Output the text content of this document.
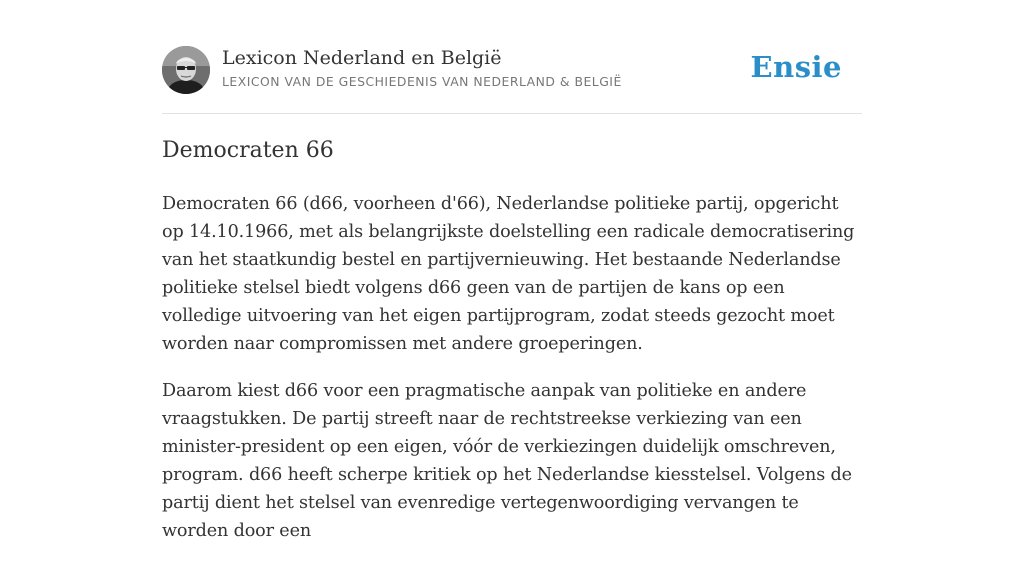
Lexicon Nederland en België
LEXICON VAN DE GESCHIEDENIS VAN NEDERLAND & BELGIË	Ensie
Democraten 66

Democraten 66 (d66, voorheen d'66), Nederlandse politieke partij, opgericht op 14.10.1966, met als belangrijkste doelstelling een radicale democratisering van het staatkundig bestel en partijvernieuwing. Het bestaande Nederlandse politieke stelsel biedt volgens d66 geen van de partijen de kans op een volledige uitvoering van het eigen partijprogram, zodat steeds gezocht moet worden naar compromissen met andere groeperingen.

Daarom kiest d66 voor een pragmatische aanpak van politieke en andere vraagstukken. De partij streeft naar de rechtstreekse verkiezing van een minister-president op een eigen, vóór de verkiezingen duidelijk omschreven, program. d66 heeft scherpe kritiek op het Nederlandse kiesstelsel. Volgens de partij dient het stelsel van evenredige vertegenwoordiging vervangen te worden door een
